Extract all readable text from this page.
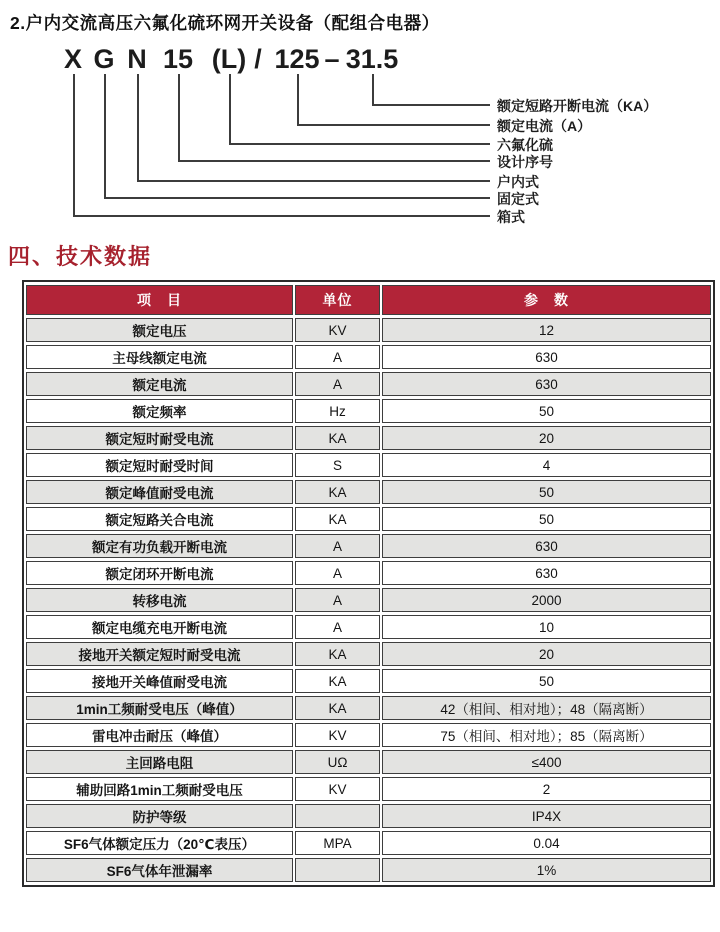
2.户内交流高压六氟化硫环网开关设备（配组合电器）
X G N 15 (L) / 125 – 31.5
额定短路开断电流（KA）
额定电流（A）
六氟化硫
设计序号
户内式
固定式
箱式
四、技术数据
项　目	单位	参　数
额定电压	KV	12
主母线额定电流	A	630
额定电流	A	630
额定频率	Hz	50
额定短时耐受电流	KA	20
额定短时耐受时间	S	4
额定峰值耐受电流	KA	50
额定短路关合电流	KA	50
额定有功负载开断电流	A	630
额定闭环开断电流	A	630
转移电流	A	2000
额定电缆充电开断电流	A	10
接地开关额定短时耐受电流	KA	20
接地开关峰值耐受电流	KA	50
1min工频耐受电压（峰值）	KA	42（相间、相对地）；48（隔离断）
雷电冲击耐压（峰值）	KV	75（相间、相对地）；85（隔离断）
主回路电阻	UΩ	≤400
辅助回路1min工频耐受电压	KV	2
防护等级		IP4X
SF6气体额定压力（20℃表压）	MPA	0.04
SF6气体年泄漏率		1%
